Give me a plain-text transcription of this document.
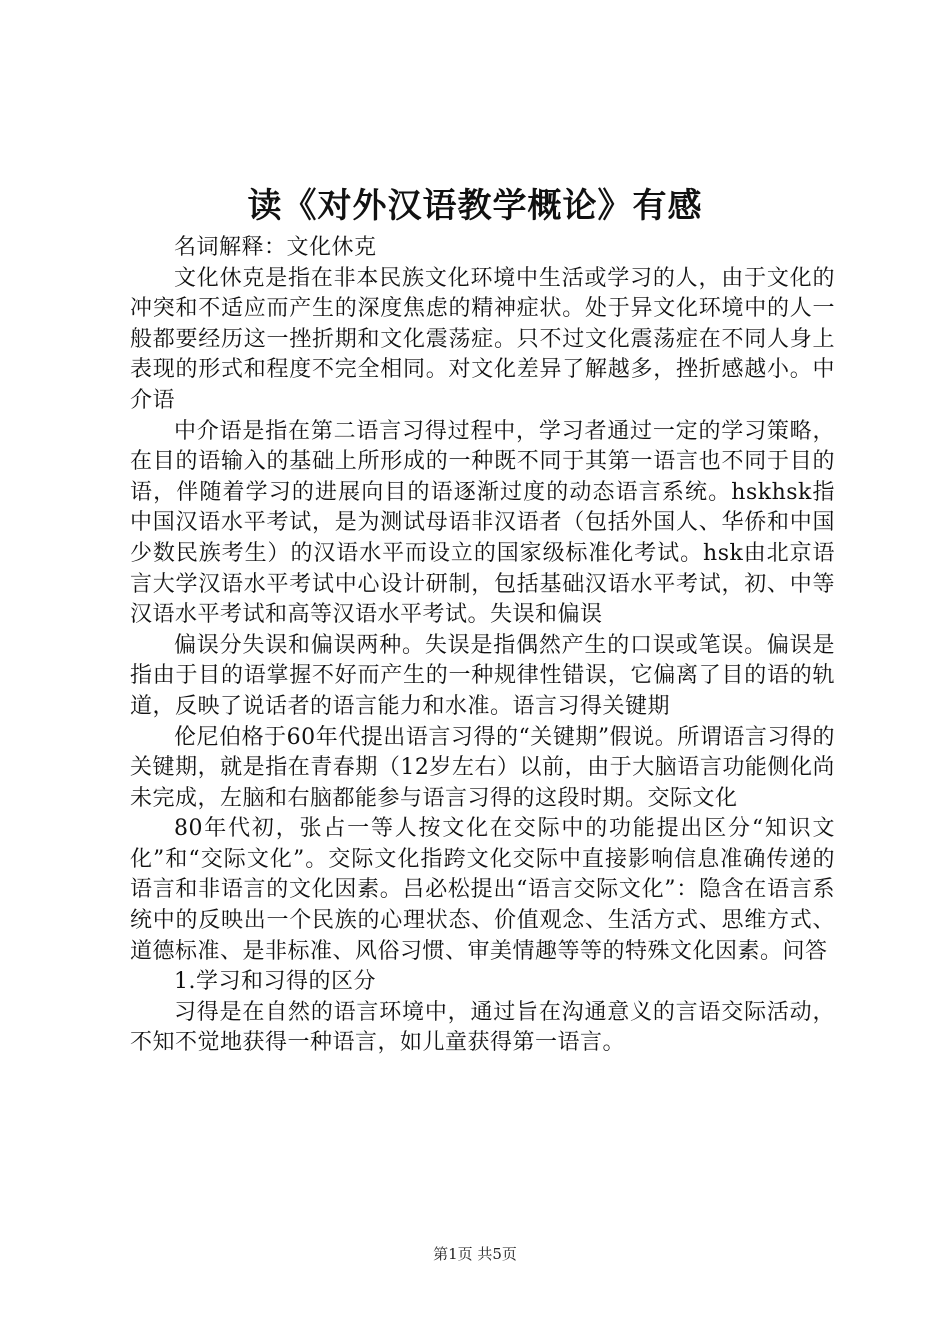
读《对外汉语教学概论》有感

名词解释：文化休克

文化休克是指在非本民族文化环境中生活或学习的人，由于文化的冲突和不适应而产生的深度焦虑的精神症状。处于异文化环境中的人一般都要经历这一挫折期和文化震荡症。只不过文化震荡症在不同人身上表现的形式和程度不完全相同。对文化差异了解越多，挫折感越小。中介语

中介语是指在第二语言习得过程中，学习者通过一定的学习策略，在目的语输入的基础上所形成的一种既不同于其第一语言也不同于目的语，伴随着学习的进展向目的语逐渐过度的动态语言系统。hskhsk指中国汉语水平考试，是为测试母语非汉语者（包括外国人、华侨和中国少数民族考生）的汉语水平而设立的国家级标准化考试。hsk由北京语言大学汉语水平考试中心设计研制，包括基础汉语水平考试，初、中等汉语水平考试和高等汉语水平考试。失误和偏误

偏误分失误和偏误两种。失误是指偶然产生的口误或笔误。偏误是指由于目的语掌握不好而产生的一种规律性错误，它偏离了目的语的轨道，反映了说话者的语言能力和水准。语言习得关键期

伦尼伯格于60年代提出语言习得的“关键期”假说。所谓语言习得的关键期，就是指在青春期（12岁左右）以前，由于大脑语言功能侧化尚未完成，左脑和右脑都能参与语言习得的这段时期。交际文化

80年代初，张占一等人按文化在交际中的功能提出区分“知识文化”和“交际文化”。交际文化指跨文化交际中直接影响信息准确传递的语言和非语言的文化因素。吕必松提出“语言交际文化”：隐含在语言系统中的反映出一个民族的心理状态、价值观念、生活方式、思维方式、道德标准、是非标准、风俗习惯、审美情趣等等的特殊文化因素。问答

1.学习和习得的区分

习得是在自然的语言环境中，通过旨在沟通意义的言语交际活动，不知不觉地获得一种语言，如儿童获得第一语言。

第1页 共5页
